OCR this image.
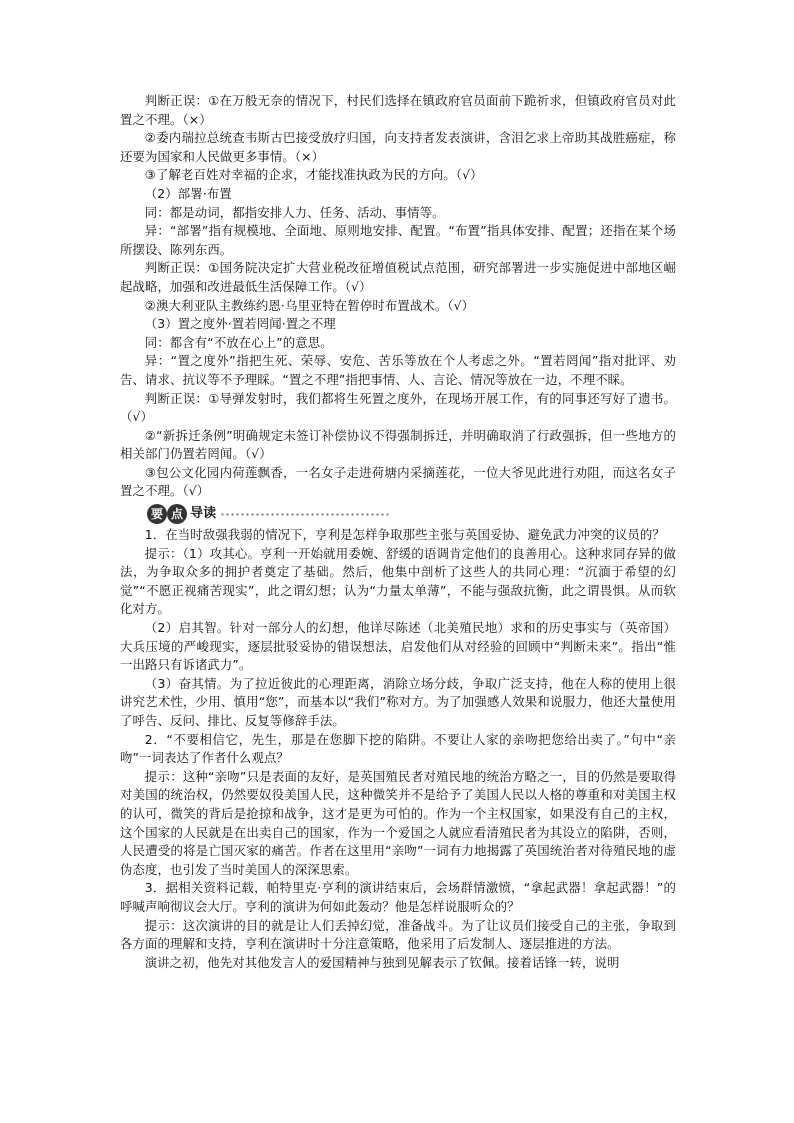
判断正误：①在万般无奈的情况下，村民们选择在镇政府官员面前下跪祈求，但镇政府官员对此置之不理。（×）

②委内瑞拉总统查韦斯古巴接受放疗归国，向支持者发表演讲，含泪乞求上帝助其战胜癌症，称还要为国家和人民做更多事情。（×）

③了解老百姓对幸福的企求，才能找准执政为民的方向。（√）

（2）部署·布置

同：都是动词，都指安排人力、任务、活动、事情等。

异：“部署”指有规模地、全面地、原则地安排、配置。“布置”指具体安排、配置；还指在某个场所摆设、陈列东西。

判断正误：①国务院决定扩大营业税改征增值税试点范围，研究部署进一步实施促进中部地区崛起战略，加强和改进最低生活保障工作。（√）

②澳大利亚队主教练约恩·乌里亚特在暂停时布置战术。（√）

（3）置之度外·置若罔闻·置之不理

同：都含有“不放在心上”的意思。

异：“置之度外”指把生死、荣辱、安危、苦乐等放在个人考虑之外。“置若罔闻”指对批评、劝告、请求、抗议等不予理睬。“置之不理”指把事情、人、言论、情况等放在一边，不理不睬。

判断正误：①导弹发射时，我们都将生死置之度外，在现场开展工作，有的同事还写好了遗书。（√）

②“新拆迁条例”明确规定未签订补偿协议不得强制拆迁，并明确取消了行政强拆，但一些地方的相关部门仍置若罔闻。（√）

③包公文化园内荷莲飘香，一名女子走进荷塘内采摘莲花，一位大爷见此进行劝阻，而这名女子置之不理。（√）

要 点 导读

1．在当时敌强我弱的情况下，亨利是怎样争取那些主张与英国妥协、避免武力冲突的议员的？

提示：（1）攻其心。亨利一开始就用委婉、舒缓的语调肯定他们的良善用心。这种求同存异的做法，为争取众多的拥护者奠定了基础。然后，他集中剖析了这些人的共同心理：“沉湎于希望的幻觉”“不愿正视痛苦现实”，此之谓幻想；认为“力量太单薄”，不能与强敌抗衡，此之谓畏惧。从而软化对方。

（2）启其智。针对一部分人的幻想，他详尽陈述（北美殖民地）求和的历史事实与（英帝国）大兵压境的严峻现实，逐层批驳妥协的错误想法，启发他们从对经验的回顾中“判断未来”。指出“惟一出路只有诉诸武力”。

（3）奋其情。为了拉近彼此的心理距离，消除立场分歧，争取广泛支持，他在人称的使用上很讲究艺术性，少用、慎用“您”，而基本以“我们”称对方。为了加强感人效果和说服力，他还大量使用了呼告、反问、排比、反复等修辞手法。

2．“不要相信它，先生，那是在您脚下挖的陷阱。不要让人家的亲吻把您给出卖了。”句中“亲吻”一词表达了作者什么观点？

提示：这种“亲吻”只是表面的友好，是英国殖民者对殖民地的统治方略之一，目的仍然是要取得对美国的统治权，仍然要奴役美国人民，这种微笑并不是给予了美国人民以人格的尊重和对美国主权的认可，微笑的背后是抢掠和战争，这才是更为可怕的。作为一个主权国家，如果没有自己的主权，这个国家的人民就是在出卖自己的国家，作为一个爱国之人就应看清殖民者为其设立的陷阱，否则，人民遭受的将是亡国灭家的痛苦。作者在这里用“亲吻”一词有力地揭露了英国统治者对待殖民地的虚伪态度，也引发了当时美国人的深深思索。

3．据相关资料记载，帕特里克·亨利的演讲结束后，会场群情激愤，“拿起武器！拿起武器！”的呼喊声响彻议会大厅。亨利的演讲为何如此轰动？他是怎样说服听众的？

提示：这次演讲的目的就是让人们丢掉幻觉，准备战斗。为了让议员们接受自己的主张，争取到各方面的理解和支持，亨利在演讲时十分注意策略，他采用了后发制人、逐层推进的方法。

演讲之初，他先对其他发言人的爱国精神与独到见解表示了钦佩。接着话锋一转，说明
